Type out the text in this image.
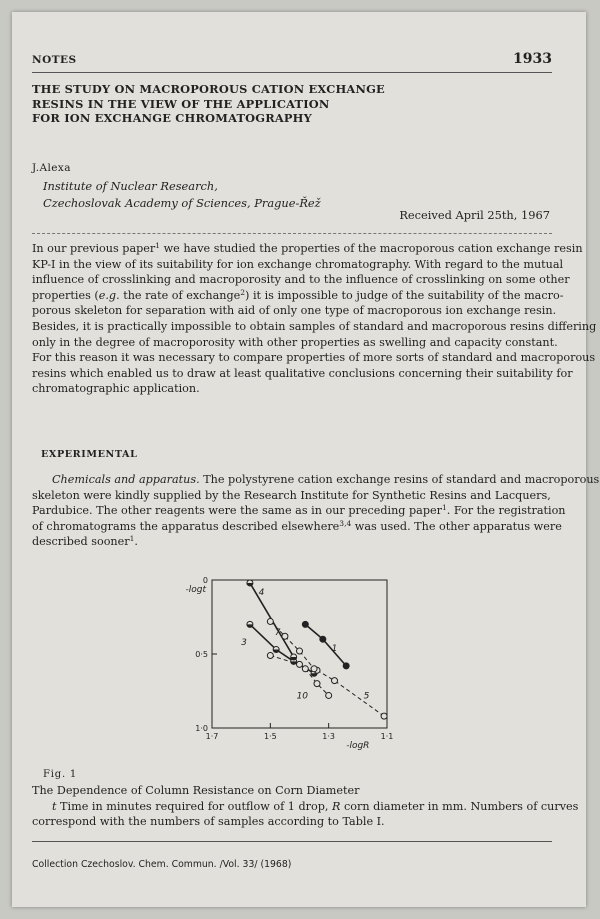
NOTES	1933
THE STUDY ON MACROPOROUS CATION EXCHANGE
RESINS IN THE VIEW OF THE APPLICATION
FOR ION EXCHANGE CHROMATOGRAPHY
J.Alexa
Institute of Nuclear Research,
Czechoslovak Academy of Sciences, Prague-Řež
Received April 25th, 1967
In our previous paper$^1$ we have studied the properties of the macroporous cation exchange resin
KP-I in the view of its suitability for ion exchange chromatography. With regard to the mutual
influence of crosslinking and macroporosity and to the influence of crosslinking on some other
properties (e.g. the rate of exchange$^2$) it is impossible to judge of the suitability of the macro-
porous skeleton for separation with aid of only one type of macroporous ion exchange resin.
Besides, it is practically impossible to obtain samples of standard and macroporous resins differing
only in the degree of macroporosity with other properties as swelling and capacity constant.
For this reason it was necessary to compare properties of more sorts of standard and macroporous
resins which enabled us to draw at least qualitative conclusions concerning their suitability for
chromatographic application.
EXPERIMENTAL
Chemicals and apparatus. The polystyrene cation exchange resins of standard and macroporous
skeleton were kindly supplied by the Research Institute for Synthetic Resins and Lacquers,
Pardubice. The other reagents were the same as in our preceding paper$^1$. For the registration
of chromatograms the apparatus described elsewhere$^{3,4}$ was used. The other apparatus were
described sooner$^1$.
1·7	1·5	1·3	1·1
0
0·5
1·0
-logt
-logR
1
3
4
5
7
10
Fig. 1
The Dependence of Column Resistance on Corn Diameter
t Time in minutes required for outflow of 1 drop, R corn diameter in mm. Numbers of curves
correspond with the numbers of samples according to Table I.
Collection Czechoslov. Chem. Commun. /Vol. 33/ (1968)
